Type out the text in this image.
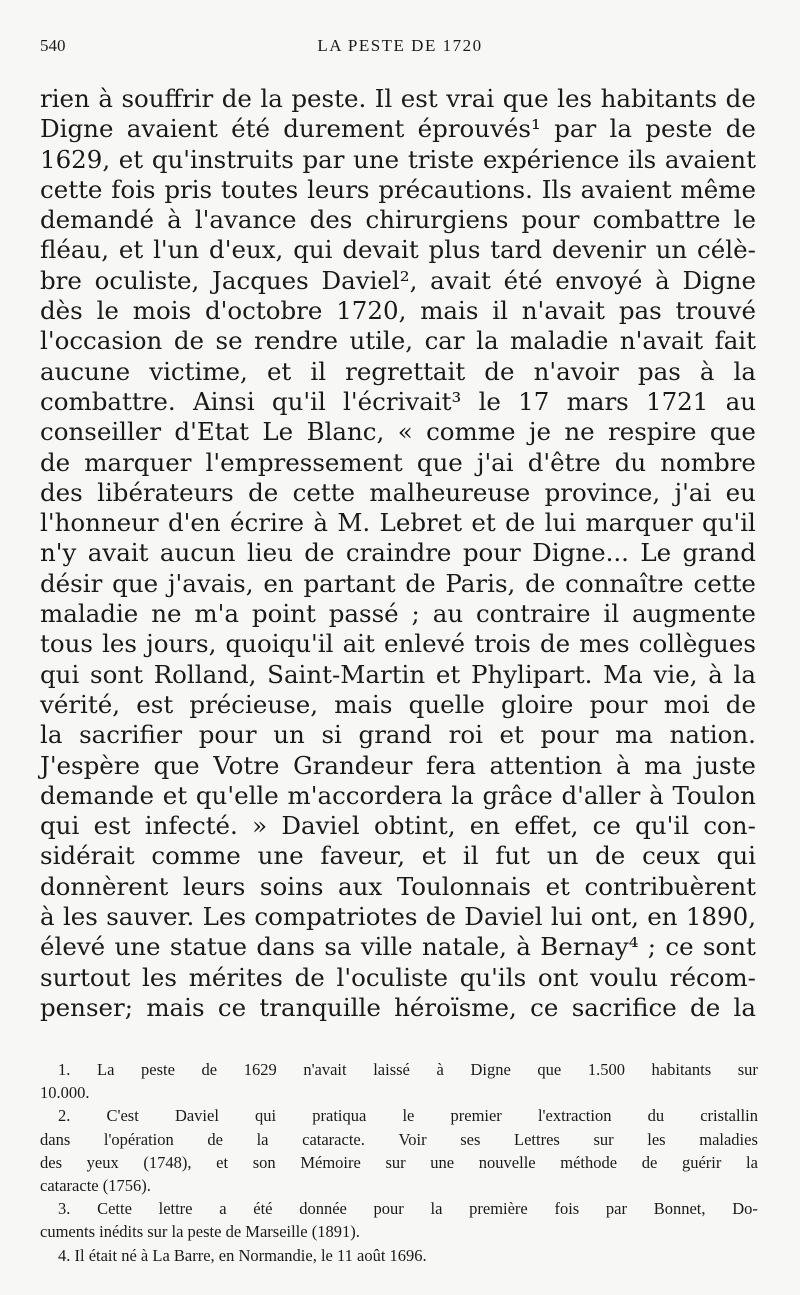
540	LA PESTE DE 1720
rien à souffrir de la peste. Il est vrai que les habitants de
Digne avaient été durement éprouvés¹ par la peste de
1629, et qu'instruits par une triste expérience ils avaient
cette fois pris toutes leurs précautions. Ils avaient même
demandé à l'avance des chirurgiens pour combattre le
fléau, et l'un d'eux, qui devait plus tard devenir un célè-
bre oculiste, Jacques Daviel², avait été envoyé à Digne
dès le mois d'octobre 1720, mais il n'avait pas trouvé
l'occasion de se rendre utile, car la maladie n'avait fait
aucune victime, et il regrettait de n'avoir pas à la
combattre. Ainsi qu'il l'écrivait³ le 17 mars 1721 au
conseiller d'Etat Le Blanc, « comme je ne respire que
de marquer l'empressement que j'ai d'être du nombre
des libérateurs de cette malheureuse province, j'ai eu
l'honneur d'en écrire à M. Lebret et de lui marquer qu'il
n'y avait aucun lieu de craindre pour Digne... Le grand
désir que j'avais, en partant de Paris, de connaître cette
maladie ne m'a point passé ; au contraire il augmente
tous les jours, quoiqu'il ait enlevé trois de mes collègues
qui sont Rolland, Saint-Martin et Phylipart. Ma vie, à la
vérité, est précieuse, mais quelle gloire pour moi de
la sacrifier pour un si grand roi et pour ma nation.
J'espère que Votre Grandeur fera attention à ma juste
demande et qu'elle m'accordera la grâce d'aller à Toulon
qui est infecté. » Daviel obtint, en effet, ce qu'il con-
sidérait comme une faveur, et il fut un de ceux qui
donnèrent leurs soins aux Toulonnais et contribuèrent
à les sauver. Les compatriotes de Daviel lui ont, en 1890,
élevé une statue dans sa ville natale, à Bernay⁴ ; ce sont
surtout les mérites de l'oculiste qu'ils ont voulu récom-
penser; mais ce tranquille héroïsme, ce sacrifice de la
1. La peste de 1629 n'avait laissé à Digne que 1.500 habitants sur
10.000.
2. C'est Daviel qui pratiqua le premier l'extraction du cristallin
dans l'opération de la cataracte. Voir ses Lettres sur les maladies
des yeux (1748), et son Mémoire sur une nouvelle méthode de guérir la
cataracte (1756).
3. Cette lettre a été donnée pour la première fois par Bonnet, Do-
cuments inédits sur la peste de Marseille (1891).
4. Il était né à La Barre, en Normandie, le 11 août 1696.
